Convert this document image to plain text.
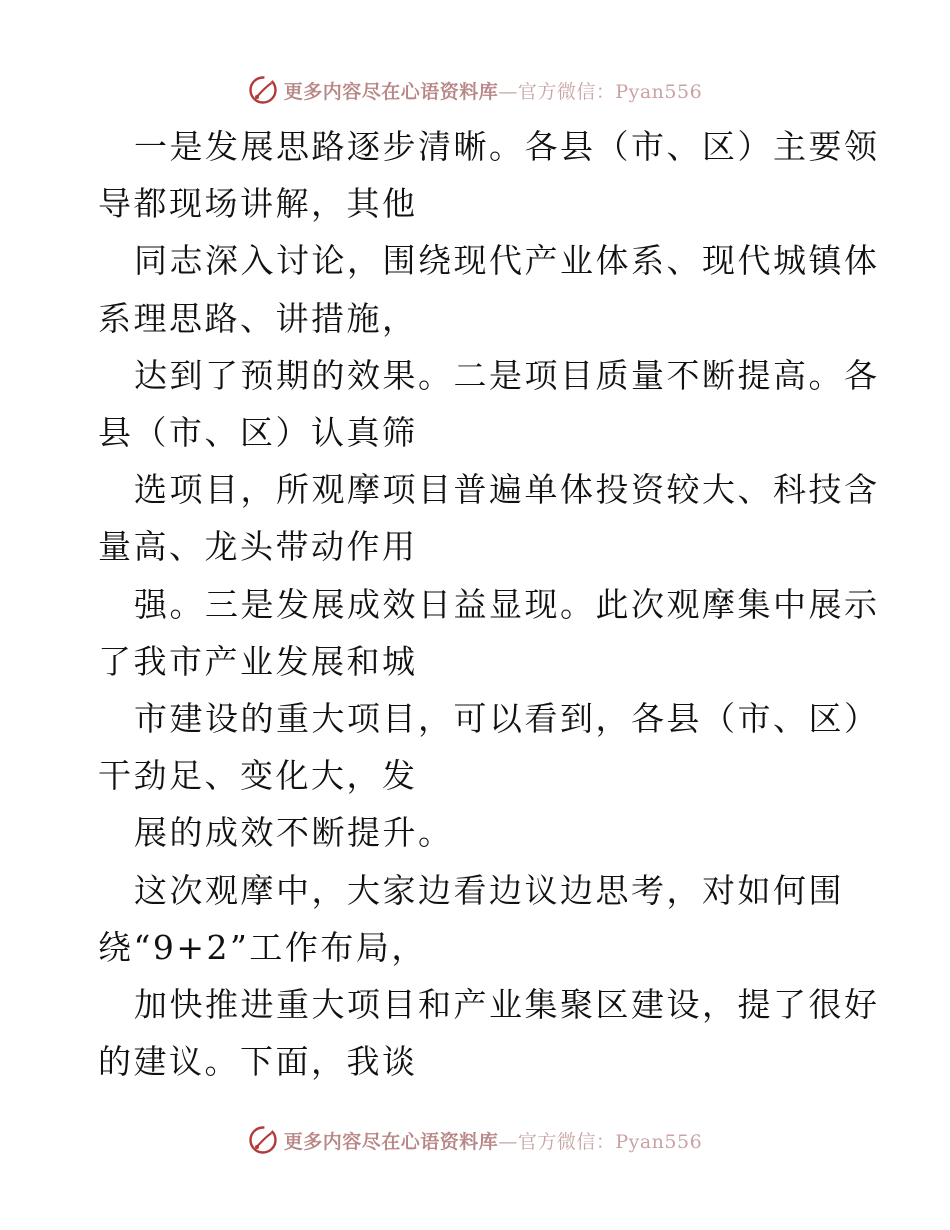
更多内容尽在心语资料库—官方微信：Pyan556
一是发展思路逐步清晰。各县（市、区）主要领
导都现场讲解，其他
同志深入讨论，围绕现代产业体系、现代城镇体
系理思路、讲措施，
达到了预期的效果。二是项目质量不断提高。各
县（市、区）认真筛
选项目，所观摩项目普遍单体投资较大、科技含
量高、龙头带动作用
强。三是发展成效日益显现。此次观摩集中展示
了我市产业发展和城
市建设的重大项目，可以看到，各县（市、区）
干劲足、变化大，发
展的成效不断提升。
这次观摩中，大家边看边议边思考，对如何围
绕“9+2”工作布局，
加快推进重大项目和产业集聚区建设，提了很好
的建议。下面，我谈
更多内容尽在心语资料库—官方微信：Pyan556
